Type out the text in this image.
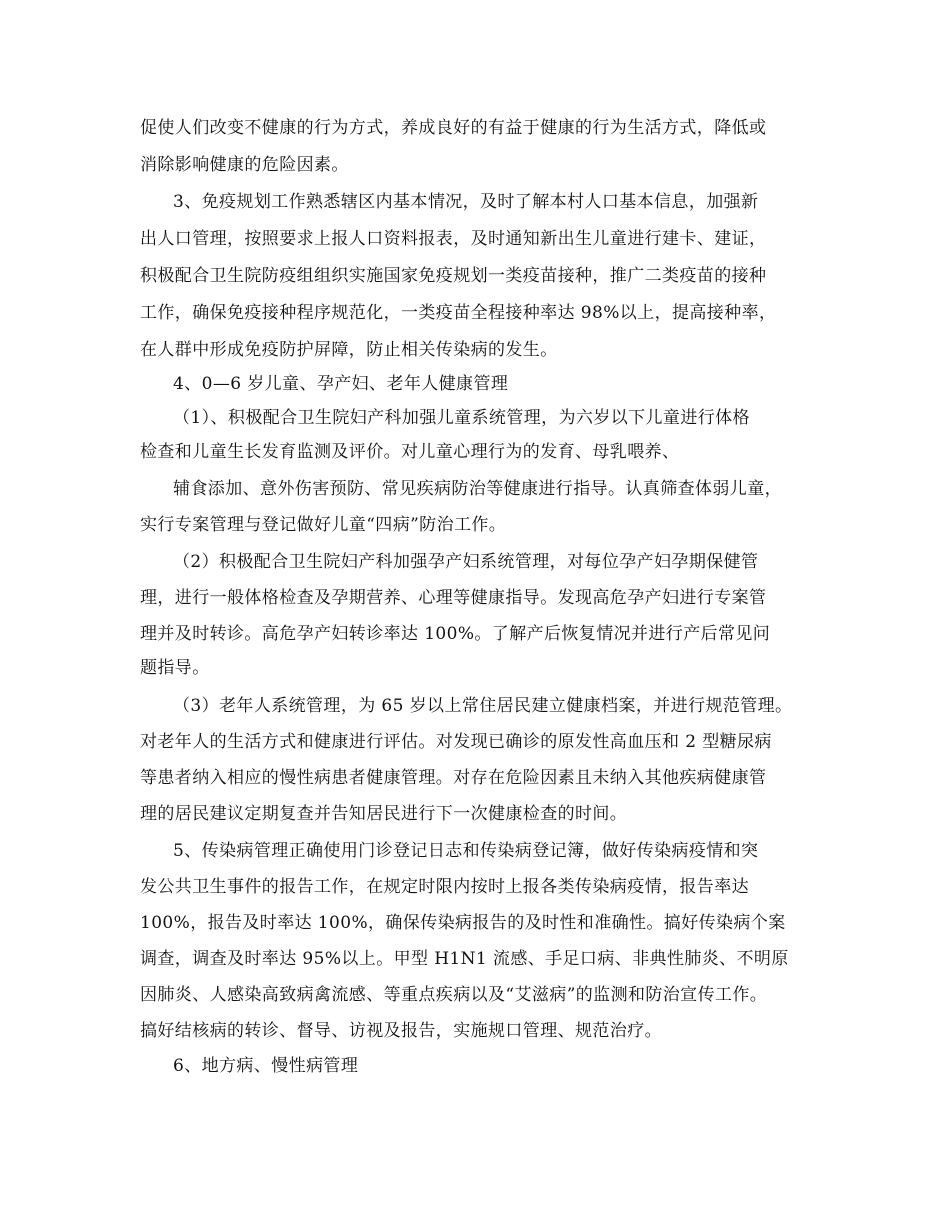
促使人们改变不健康的行为方式，养成良好的有益于健康的行为生活方式，降低或
消除影响健康的危险因素。
3、免疫规划工作熟悉辖区内基本情况，及时了解本村人口基本信息，加强新
出人口管理，按照要求上报人口资料报表，及时通知新出生儿童进行建卡、建证，
积极配合卫生院防疫组组织实施国家免疫规划一类疫苗接种，推广二类疫苗的接种
工作，确保免疫接种程序规范化，一类疫苗全程接种率达 98%以上，提高接种率，
在人群中形成免疫防护屏障，防止相关传染病的发生。
4、0—6 岁儿童、孕产妇、老年人健康管理
（1）、积极配合卫生院妇产科加强儿童系统管理，为六岁以下儿童进行体格
检查和儿童生长发育监测及评价。对儿童心理行为的发育、母乳喂养、
辅食添加、意外伤害预防、常见疾病防治等健康进行指导。认真筛查体弱儿童，
实行专案管理与登记做好儿童“四病”防治工作。
（2）积极配合卫生院妇产科加强孕产妇系统管理，对每位孕产妇孕期保健管
理，进行一般体格检查及孕期营养、心理等健康指导。发现高危孕产妇进行专案管
理并及时转诊。高危孕产妇转诊率达 100%。了解产后恢复情况并进行产后常见问
题指导。
（3）老年人系统管理，为 65 岁以上常住居民建立健康档案，并进行规范管理。
对老年人的生活方式和健康进行评估。对发现已确诊的原发性高血压和 2 型糖尿病
等患者纳入相应的慢性病患者健康管理。对存在危险因素且未纳入其他疾病健康管
理的居民建议定期复查并告知居民进行下一次健康检查的时间。
5、传染病管理正确使用门诊登记日志和传染病登记簿，做好传染病疫情和突
发公共卫生事件的报告工作，在规定时限内按时上报各类传染病疫情，报告率达
100%，报告及时率达 100%，确保传染病报告的及时性和准确性。搞好传染病个案
调查，调查及时率达 95%以上。甲型 H1N1 流感、手足口病、非典性肺炎、不明原
因肺炎、人感染高致病禽流感、等重点疾病以及“艾滋病”的监测和防治宣传工作。
搞好结核病的转诊、督导、访视及报告，实施规口管理、规范治疗。
6、地方病、慢性病管理
